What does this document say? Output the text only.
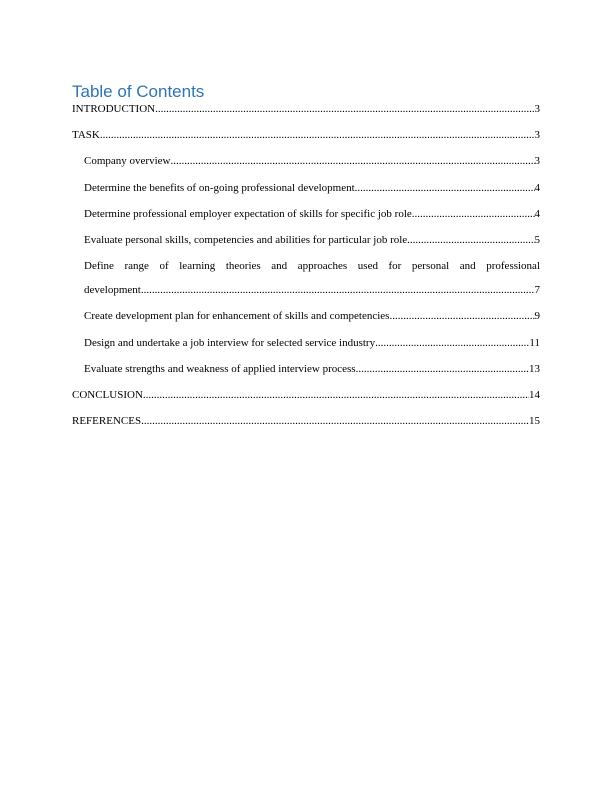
Table of Contents
INTRODUCTION .....	3
TASK .....	3
Company overview .....	3
Determine the benefits of on-going professional development .....	4
Determine professional employer expectation of skills for specific job role .....	4
Evaluate personal skills, competencies and abilities for particular job role .....	5
Define range of learning theories and approaches used for personal and professional
development .....	7
Create development plan for enhancement of skills and competencies .....	9
Design and undertake a job interview for selected service industry .....	11
Evaluate strengths and weakness of applied interview process .....	13
CONCLUSION .....	14
REFERENCES .....	15
